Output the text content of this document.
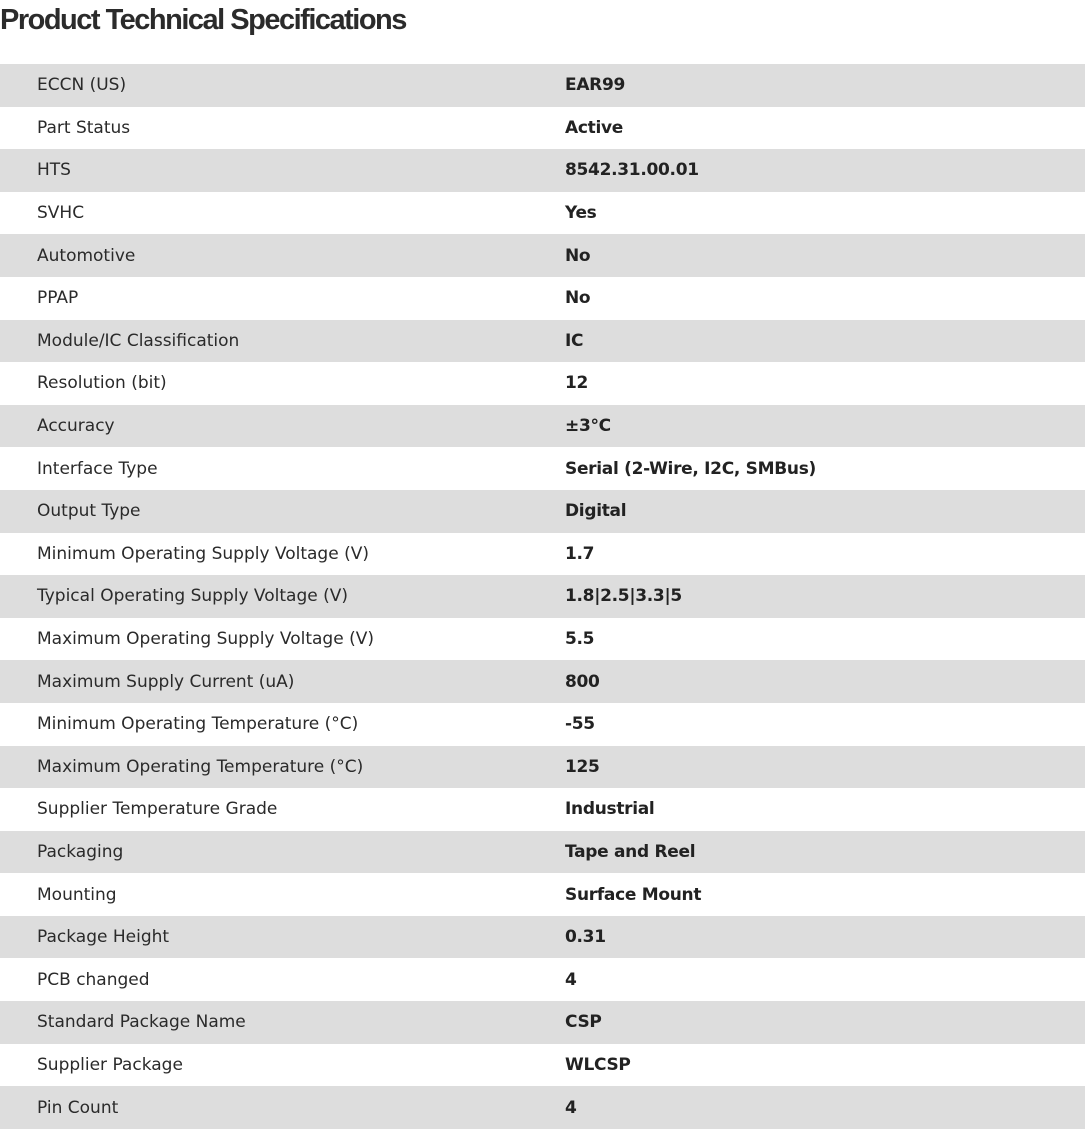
Product Technical Specifications
ECCN (US)	EAR99
Part Status	Active
HTS	8542.31.00.01
SVHC	Yes
Automotive	No
PPAP	No
Module/IC Classification	IC
Resolution (bit)	12
Accuracy	±3°C
Interface Type	Serial (2-Wire, I2C, SMBus)
Output Type	Digital
Minimum Operating Supply Voltage (V)	1.7
Typical Operating Supply Voltage (V)	1.8|2.5|3.3|5
Maximum Operating Supply Voltage (V)	5.5
Maximum Supply Current (uA)	800
Minimum Operating Temperature (°C)	-55
Maximum Operating Temperature (°C)	125
Supplier Temperature Grade	Industrial
Packaging	Tape and Reel
Mounting	Surface Mount
Package Height	0.31
PCB changed	4
Standard Package Name	CSP
Supplier Package	WLCSP
Pin Count	4
